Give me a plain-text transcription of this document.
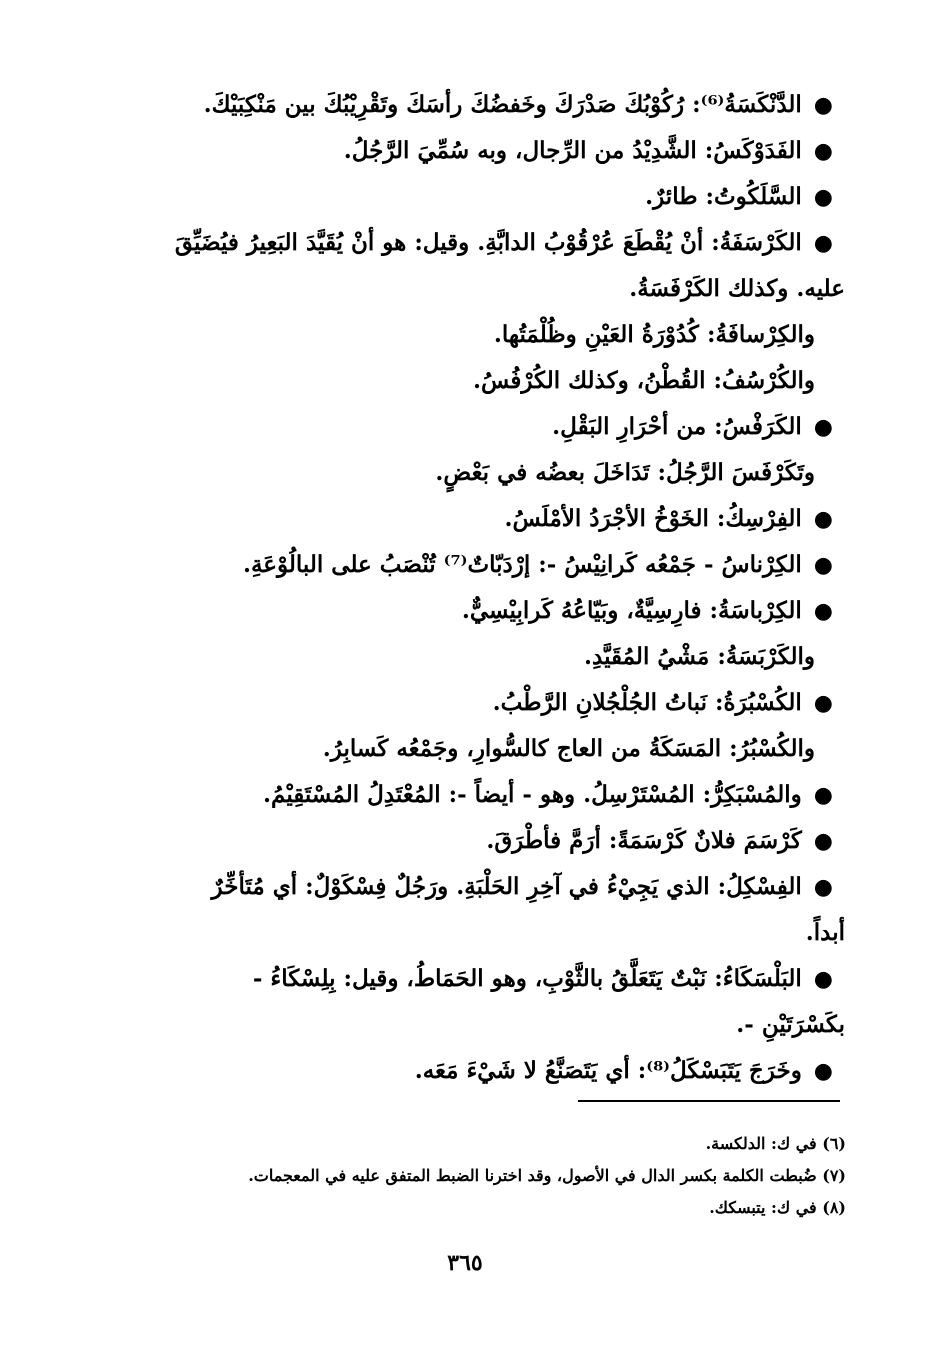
●الدَّنْكَسَةُ⁽⁶⁾: رُكُوْبُكَ صَدْرَكَ وخَفضُكَ رأسَكَ وتَقْرِيْبُكَ بين مَنْكِبَيْكَ.
●الفَدَوْكَسُ: الشَّدِيْدُ من الرِّجال، وبه سُمِّيَ الرَّجُلُ.
●السَّلَكُوتُ: طائرٌ.
●الكَرْسَفَةُ: أنْ يُقْطَعَ عُرْقُوْبُ الدابَّةِ. وقيل: هو أنْ يُقَيَّدَ البَعِيرُ فيُضَيِّقَ
عليه. وكذلك الكَرْفَسَةُ.
والكِرْسافَةُ: كُدُوْرَةُ العَيْنِ وظُلْمَتُها.
والكُرْسُفُ: القُطْنُ، وكذلك الكُرْفُسُ.
●الكَرَفْسُ: من أحْرَارِ البَقْلِ.
وتَكَرْفَسَ الرَّجُلُ: تَدَاخَلَ بعضُه في بَعْضٍ.
●الفِرْسِكُ: الخَوْخُ الأجْرَدُ الأمْلَسُ.
●الكِرْناسُ - جَمْعُه كَرانِيْسُ -: إرْدَبّاتٌ⁽⁷⁾ تُنْصَبُ على البالُوْعَةِ.
●الكِرْباسَةُ: فارِسِيَّةٌ، وبَيّاعُهُ كَرابِيْسِيٌّ.
والكَرْبَسَةُ: مَشْيُ المُقَيَّدِ.
●الكُسْبُرَةُ: نَباتُ الجُلْجُلانِ الرَّطْبُ.
والكُسْبُرُ: المَسَكَةُ من العاج كالسُّوارِ، وجَمْعُه كَسابِرُ.
●والمُسْبَكِرُّ: المُسْتَرْسِلُ. وهو - أيضاً -: المُعْتَدِلُ المُسْتَقِيْمُ.
●كَرْسَمَ فلانٌ كَرْسَمَةً: أرَمَّ فأطْرَقَ.
●الفِسْكِلُ: الذي يَجِيْءُ في آخِرِ الحَلْبَةِ. ورَجُلٌ فِسْكَوْلٌ: أي مُتَأخِّرٌ
أبداً.
●البَلْسَكَاءُ: نَبْتٌ يَتَعَلَّقُ بالثَّوْبِ، وهو الحَمَاطُ، وقيل: بِلِسْكَاءُ -
بكَسْرَتَيْنِ -.
●وخَرَجَ يَتَبَسْكَلُ⁽⁸⁾: أي يَتَصَنَّعُ لا شَيْءَ مَعَه.
(٦) في ك: الدلكسة.
(٧) ضُبطت الكلمة بكسر الدال في الأصول، وقد اخترنا الضبط المتفق عليه في المعجمات.
(٨) في ك: يتبسكك.
٣٦٥
